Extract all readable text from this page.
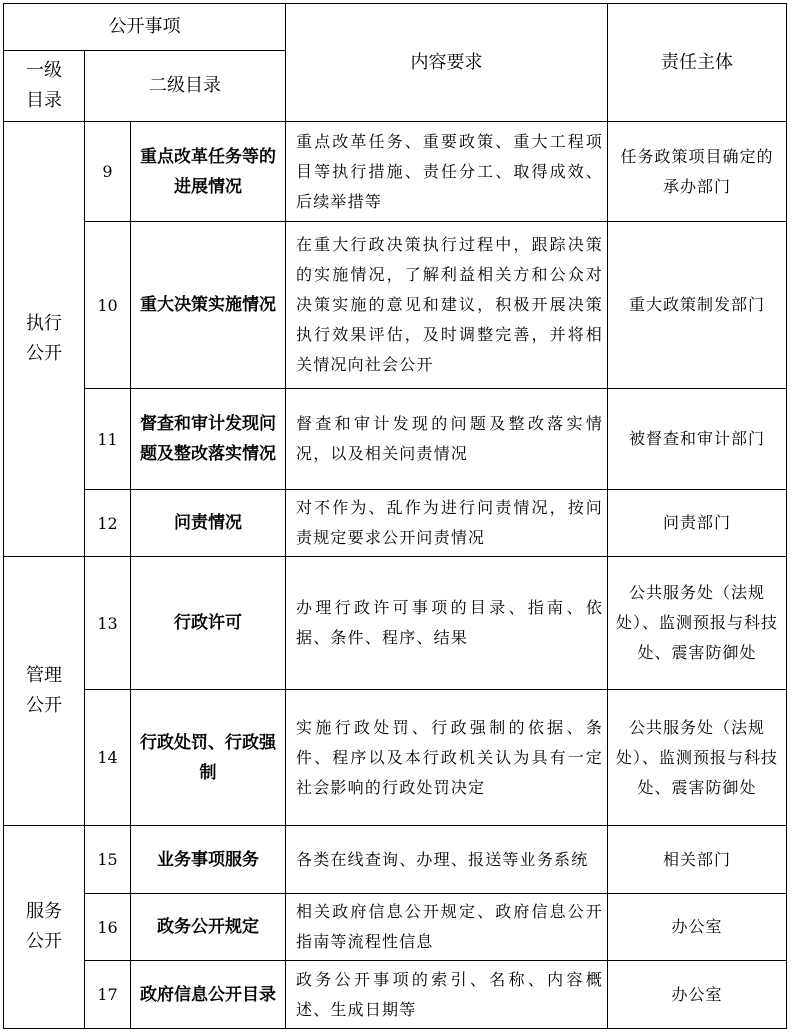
公开事项			内容要求	责任主体
一级目录	二级目录			
执行公开	9	重点改革任务等的进展情况	重点改革任务、重要政策、重大工程项目等执行措施、责任分工、取得成效、后续举措等	任务政策项目确定的承办部门
	10	重大决策实施情况	在重大行政决策执行过程中，跟踪决策的实施情况，了解利益相关方和公众对决策实施的意见和建议，积极开展决策执行效果评估，及时调整完善，并将相关情况向社会公开	重大政策制发部门
	11	督查和审计发现问题及整改落实情况	督查和审计发现的问题及整改落实情况，以及相关问责情况	被督查和审计部门
	12	问责情况	对不作为、乱作为进行问责情况，按问责规定要求公开问责情况	问责部门
管理公开	13	行政许可	办理行政许可事项的目录、指南、依据、条件、程序、结果	公共服务处（法规处）、监测预报与科技处、震害防御处
	14	行政处罚、行政强制	实施行政处罚、行政强制的依据、条件、程序以及本行政机关认为具有一定社会影响的行政处罚决定	公共服务处（法规处）、监测预报与科技处、震害防御处
服务公开	15	业务事项服务	各类在线查询、办理、报送等业务系统	相关部门
	16	政务公开规定	相关政府信息公开规定、政府信息公开指南等流程性信息	办公室
	17	政府信息公开目录	政务公开事项的索引、名称、内容概述、生成日期等	办公室
